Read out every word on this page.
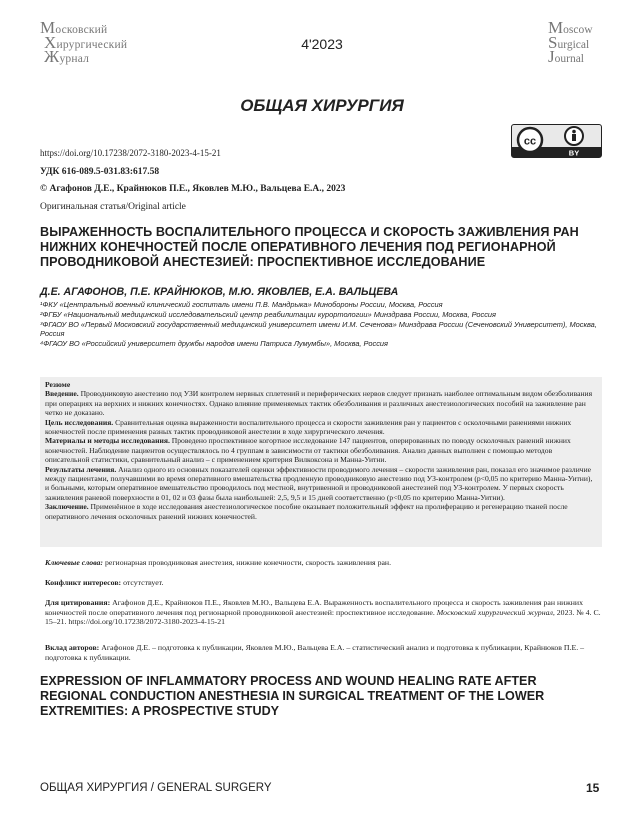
Московский
Хирургический
Журнал
4'2023
Moscow
Surgical
Journal
ОБЩАЯ ХИРУРГИЯ
cc
BY
https://doi.org/10.17238/2072-3180-2023-4-15-21
УДК 616-089.5-031.83:617.58
© Агафонов Д.Е., Крайнюков П.Е., Яковлев М.Ю., Вальцева Е.А., 2023
Оригинальная статья/Original article
ВЫРАЖЕННОСТЬ ВОСПАЛИТЕЛЬНОГО ПРОЦЕССА И СКОРОСТЬ ЗАЖИВЛЕНИЯ РАН НИЖНИХ КОНЕЧНОСТЕЙ ПОСЛЕ ОПЕРАТИВНОГО ЛЕЧЕНИЯ ПОД РЕГИОНАРНОЙ ПРОВОДНИКОВОЙ АНЕСТЕЗИЕЙ: ПРОСПЕКТИВНОЕ ИССЛЕДОВАНИЕ
Д.Е. АГАФОНОВ, П.Е. КРАЙНЮКОВ, М.Ю. ЯКОВЛЕВ, Е.А. ВАЛЬЦЕВА
¹ФКУ «Центральный военный клинический госпиталь имени П.В. Мандрыка» Минобороны России, Москва, Россия
²ФГБУ «Национальный медицинский исследовательский центр реабилитации курортологии» Минздрава России, Москва, Россия
³ФГАОУ ВО «Первый Московский государственный медицинский университет имени И.М. Сеченова» Минздрава России (Сеченовский Университет), Москва, Россия
⁴ФГАОУ ВО «Российский университет дружбы народов имени Патриса Лумумбы», Москва, Россия
Резюме
Введение. Проводниковую анестезию под УЗИ контролем нервных сплетений и периферических нервов следует признать наиболее оптимальным видом обезболивания при операциях на верхних и нижних конечностях. Однако влияние применяемых тактик обезболивания и различных анестезиологических пособий на заживление ран четко не доказано.
Цель исследования. Сравнительная оценка выраженности воспалительного процесса и скорости заживления ран у пациентов с осколочными ранениями нижних конечностей после применения разных тактик проводниковой анестезии в ходе хирургического лечения.
Материалы и методы исследования. Проведено проспективное когортное исследование 147 пациентов, оперированных по поводу осколочных ранений нижних конечностей. Наблюдение пациентов осуществлялось по 4 группам в зависимости от тактики обезболивания. Анализ данных выполнен с помощью методов описательной статистики, сравнительный анализ – с применением критерия Вилкоксона и Манна-Уитни.
Результаты лечения. Анализ одного из основных показателей оценки эффективности проводимого лечения – скорости заживления ран, показал его значимое различие между пациентами, получавшими во время оперативного вмешательства продленную проводниковую анестезию под УЗ-контролем (p<0,05 по критерию Манна-Уитни), и больными, которым оперативное вмешательство проводилось под местной, внутривенной и проводниковой анестезией под УЗ-контролем. У первых скорость заживления раневой поверхности в 01, 02 и 03 фазы была наибольшей: 2,5, 9,5 и 15 дней соответственно (p<0,05 по критерию Манна-Уитни).
Заключение. Применённое в ходе исследования анестезиологическое пособие оказывает положительный эффект на пролиферацию и регенерацию тканей после оперативного лечения осколочных ранений нижних конечностей.
Ключевые слова: регионарная проводниковая анестезия, нижние конечности, скорость заживления ран.
Конфликт интересов: отсутствует.
Для цитирования: Агафонов Д.Е., Крайнюков П.Е., Яковлев М.Ю., Вальцева Е.А. Выраженность воспалительного процесса и скорость заживления ран нижних конечностей после оперативного лечения под регионарной проводниковой анестезией: проспективное исследование. Московский хирургический журнал, 2023. № 4. С. 15–21. https://doi.org/10.17238/2072-3180-2023-4-15-21
Вклад авторов: Агафонов Д.Е. – подготовка к публикации, Яковлев М.Ю., Вальцева Е.А. – статистический анализ и подготовка к публикации, Крайнюков П.Е. – подготовка к публикации.
EXPRESSION OF INFLAMMATORY PROCESS AND WOUND HEALING RATE AFTER REGIONAL CONDUCTION ANESTHESIA IN SURGICAL TREATMENT OF THE LOWER EXTREMITIES: A PROSPECTIVE STUDY
ОБЩАЯ ХИРУРГИЯ / GENERAL SURGERY	15
